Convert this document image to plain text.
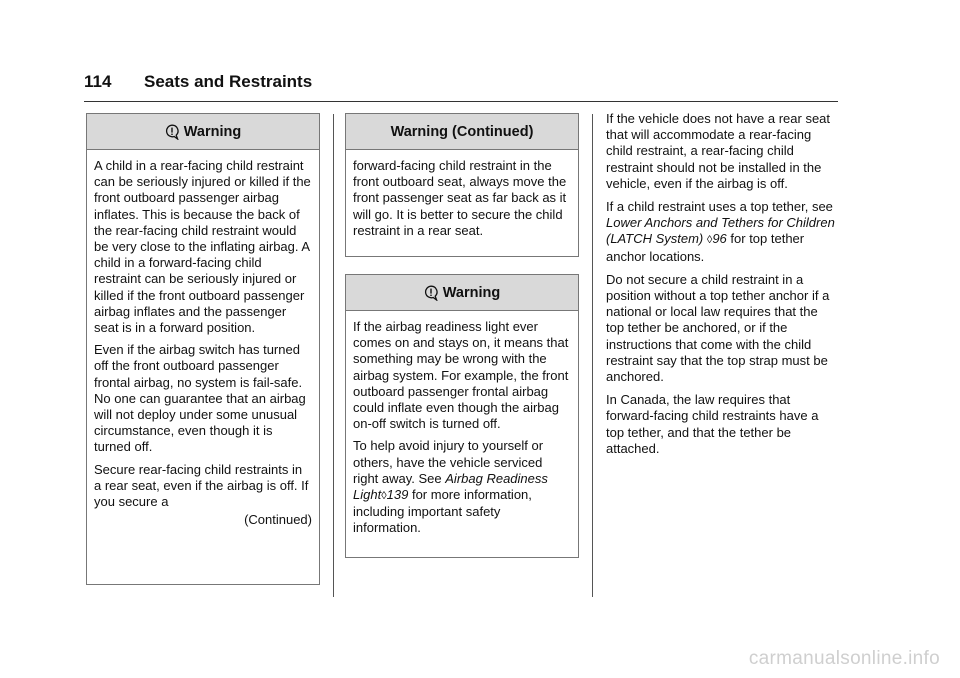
114 Seats and Restraints
Warning

A child in a rear-facing child restraint can be seriously injured or killed if the front outboard passenger airbag inflates. This is because the back of the rear-facing child restraint would be very close to the inflating airbag. A child in a forward-facing child restraint can be seriously injured or killed if the front outboard passenger airbag inflates and the passenger seat is in a forward position.

Even if the airbag switch has turned off the front outboard passenger frontal airbag, no system is fail-safe. No one can guarantee that an airbag will not deploy under some unusual circumstance, even though it is turned off.

Secure rear-facing child restraints in a rear seat, even if the airbag is off. If you secure a

(Continued)
Warning (Continued)

forward-facing child restraint in the front outboard seat, always move the front passenger seat as far back as it will go. It is better to secure the child restraint in a rear seat.

Warning

If the airbag readiness light ever comes on and stays on, it means that something may be wrong with the airbag system. For example, the front outboard passenger frontal airbag could inflate even though the airbag on-off switch is turned off.

To help avoid injury to yourself or others, have the vehicle serviced right away. See Airbag Readiness Light◊139 for more information, including important safety information.

If the vehicle does not have a rear seat that will accommodate a rear-facing child restraint, a rear-facing child restraint should not be installed in the vehicle, even if the airbag is off.

If a child restraint uses a top tether, see Lower Anchors and Tethers for Children (LATCH System) ◊96 for top tether anchor locations.

Do not secure a child restraint in a position without a top tether anchor if a national or local law requires that the top tether be anchored, or if the instructions that come with the child restraint say that the top strap must be anchored.

In Canada, the law requires that forward-facing child restraints have a top tether, and that the tether be attached.

carmanualsonline.info
